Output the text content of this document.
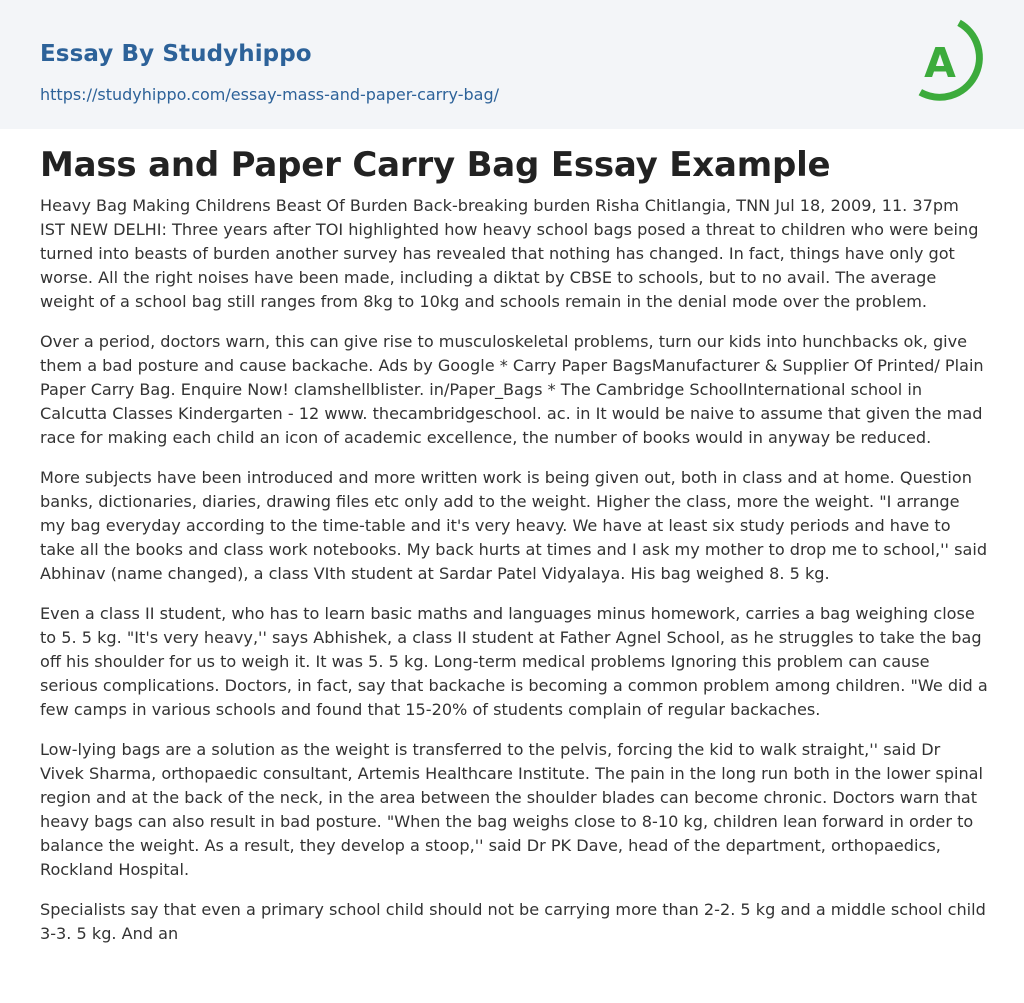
Essay By Studyhippo
https://studyhippo.com/essay-mass-and-paper-carry-bag/
A
Mass and Paper Carry Bag Essay Example

Heavy Bag Making Childrens Beast Of Burden Back-breaking burden Risha Chitlangia, TNN Jul 18, 2009, 11. 37pm IST NEW DELHI: Three years after TOI highlighted how heavy school bags posed a threat to children who were being turned into beasts of burden another survey has revealed that nothing has changed. In fact, things have only got worse. All the right noises have been made, including a diktat by CBSE to schools, but to no avail. The average weight of a school bag still ranges from 8kg to 10kg and schools remain in the denial mode over the problem.

Over a period, doctors warn, this can give rise to musculoskeletal problems, turn our kids into hunchbacks ok, give them a bad posture and cause backache. Ads by Google * Carry Paper BagsManufacturer & Supplier Of Printed/ Plain Paper Carry Bag. Enquire Now! clamshellblister. in/Paper_Bags * The Cambridge SchoolInternational school in Calcutta Classes Kindergarten - 12 www. thecambridgeschool. ac. in It would be naive to assume that given the mad race for making each child an icon of academic excellence, the number of books would in anyway be reduced.

More subjects have been introduced and more written work is being given out, both in class and at home. Question banks, dictionaries, diaries, drawing files etc only add to the weight. Higher the class, more the weight. "I arrange my bag everyday according to the time-table and it's very heavy. We have at least six study periods and have to take all the books and class work notebooks. My back hurts at times and I ask my mother to drop me to school,'' said Abhinav (name changed), a class VIth student at Sardar Patel Vidyalaya. His bag weighed 8. 5 kg.

Even a class II student, who has to learn basic maths and languages minus homework, carries a bag weighing close to 5. 5 kg. "It's very heavy,'' says Abhishek, a class II student at Father Agnel School, as he struggles to take the bag off his shoulder for us to weigh it. It was 5. 5 kg. Long-term medical problems Ignoring this problem can cause serious complications. Doctors, in fact, say that backache is becoming a common problem among children. "We did a few camps in various schools and found that 15-20% of students complain of regular backaches.

Low-lying bags are a solution as the weight is transferred to the pelvis, forcing the kid to walk straight,'' said Dr Vivek Sharma, orthopaedic consultant, Artemis Healthcare Institute. The pain in the long run both in the lower spinal region and at the back of the neck, in the area between the shoulder blades can become chronic. Doctors warn that heavy bags can also result in bad posture. "When the bag weighs close to 8-10 kg, children lean forward in order to balance the weight. As a result, they develop a stoop,'' said Dr PK Dave, head of the department, orthopaedics, Rockland Hospital.

Specialists say that even a primary school child should not be carrying more than 2-2. 5 kg and a middle school child 3-3. 5 kg. And an
